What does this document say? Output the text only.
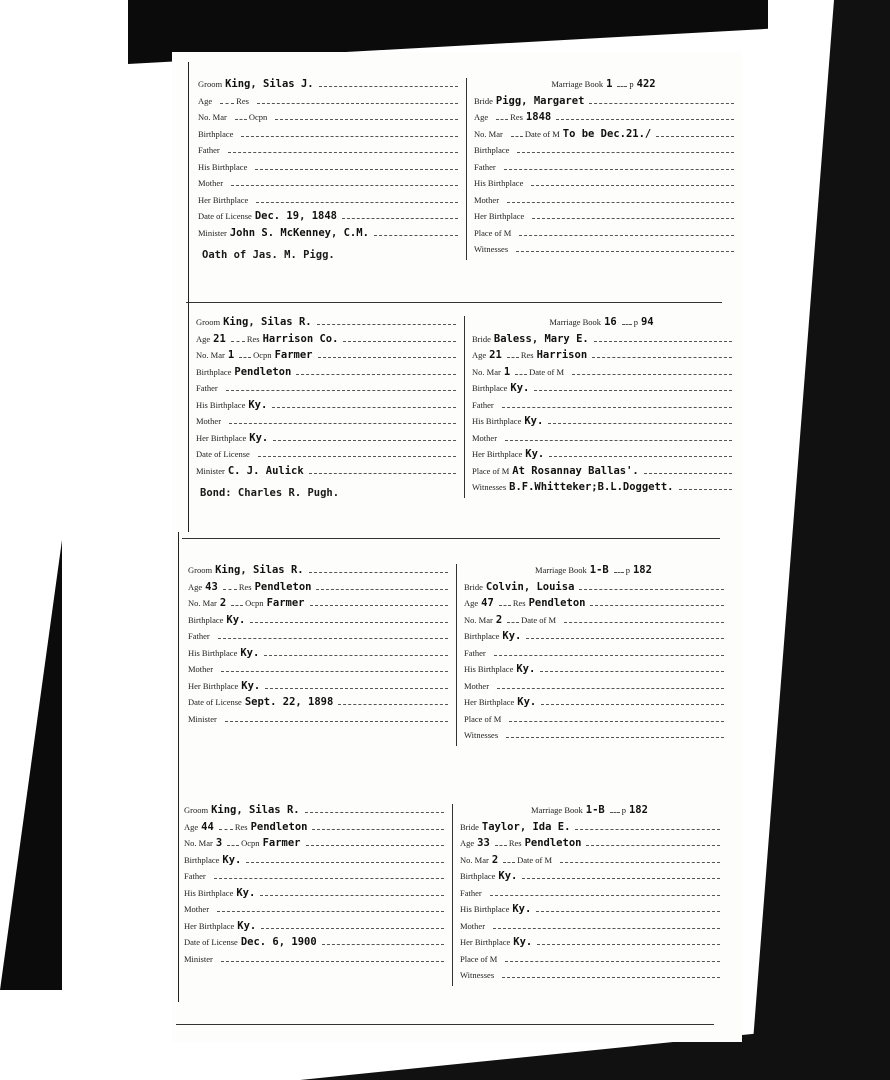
Groom King, Silas J.
Age	Res
No. Mar	Ocpn
Birthplace
Father
His Birthplace
Mother
Her Birthplace
Date of License Dec. 19, 1848
Minister John S. McKenney, C.M.
Oath of Jas. M. Pigg.
Marriage Book 1	p 422
Bride Pigg, Margaret
Age	Res 1848
No. Mar	Date of M To be Dec.21./
Birthplace
Father
His Birthplace
Mother
Her Birthplace
Place of M
Witnesses
Groom King, Silas R.
Age 21	Res Harrison Co.
No. Mar 1	Ocpn Farmer
Birthplace Pendleton
Father
His Birthplace Ky.
Mother
Her Birthplace Ky.
Date of License
Minister C. J. Aulick
Bond: Charles R. Pugh.
Marriage Book 16	p 94
Bride Baless, Mary E.
Age 21	Res Harrison
No. Mar 1	Date of M
Birthplace Ky.
Father
His Birthplace Ky.
Mother
Her Birthplace Ky.
Place of M At Rosannay Ballas'.
Witnesses B.F.Whitteker;B.L.Doggett.
Groom King, Silas R.
Age 43	Res Pendleton
No. Mar 2	Ocpn Farmer
Birthplace Ky.
Father
His Birthplace Ky.
Mother
Her Birthplace Ky.
Date of License Sept. 22, 1898
Minister
Marriage Book 1-B	p 182
Bride Colvin, Louisa
Age 47	Res Pendleton
No. Mar 2	Date of M
Birthplace Ky.
Father
His Birthplace Ky.
Mother
Her Birthplace Ky.
Place of M
Witnesses
Groom King, Silas R.
Age 44	Res Pendleton
No. Mar 3	Ocpn Farmer
Birthplace Ky.
Father
His Birthplace Ky.
Mother
Her Birthplace Ky.
Date of License Dec. 6, 1900
Minister
Marriage Book 1-B	p 182
Bride Taylor, Ida E.
Age 33	Res Pendleton
No. Mar 2	Date of M
Birthplace Ky.
Father
His Birthplace Ky.
Mother
Her Birthplace Ky.
Place of M
Witnesses
